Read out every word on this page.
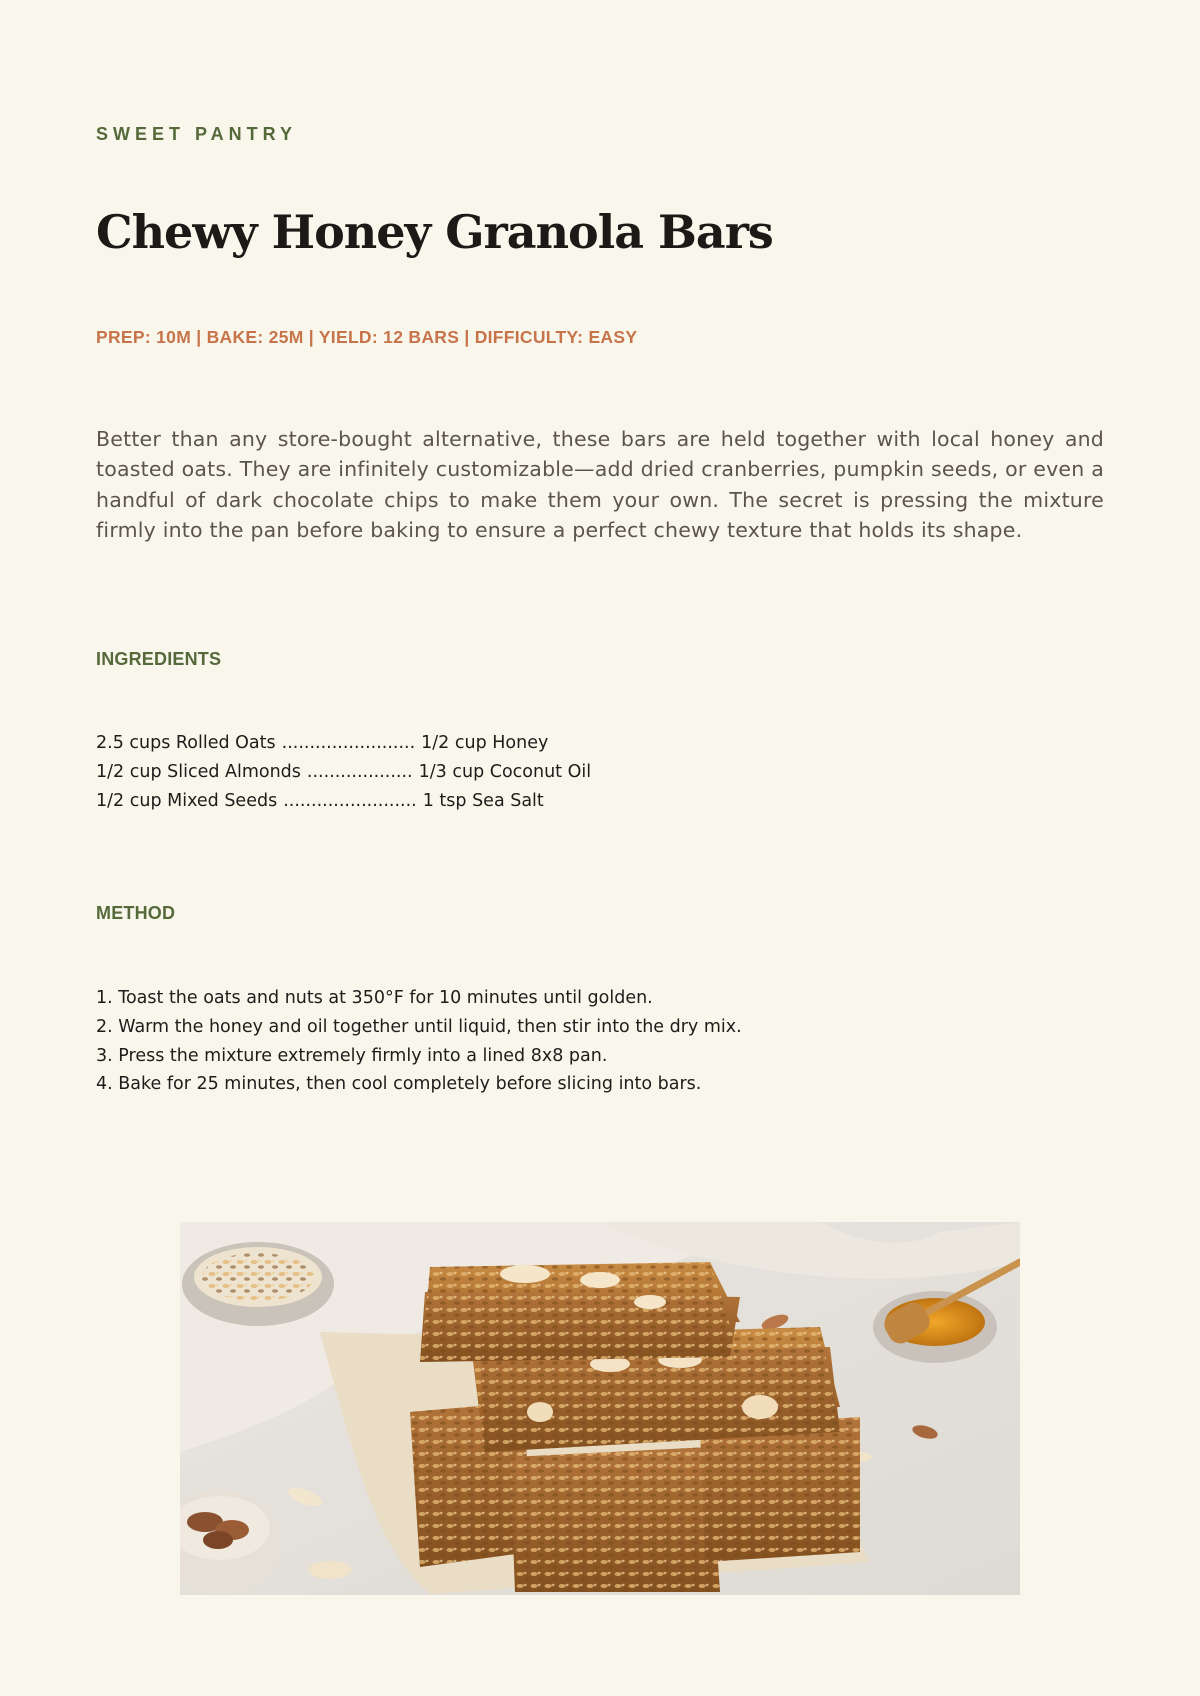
SWEET PANTRY
Chewy Honey Granola Bars
PREP: 10M | BAKE: 25M | YIELD: 12 BARS | DIFFICULTY: EASY

Better than any store-bought alternative, these bars are held together with local honey and toasted oats. They are infinitely customizable—add dried cranberries, pumpkin seeds, or even a handful of dark chocolate chips to make them your own. The secret is pressing the mixture firmly into the pan before baking to ensure a perfect chewy texture that holds its shape.

INGREDIENTS
2.5 cups Rolled Oats ........................ 1/2 cup Honey
1/2 cup Sliced Almonds ................... 1/3 cup Coconut Oil
1/2 cup Mixed Seeds ........................ 1 tsp Sea Salt
METHOD
1. Toast the oats and nuts at 350°F for 10 minutes until golden.
2. Warm the honey and oil together until liquid, then stir into the dry mix.
3. Press the mixture extremely firmly into a lined 8x8 pan.
4. Bake for 25 minutes, then cool completely before slicing into bars.
